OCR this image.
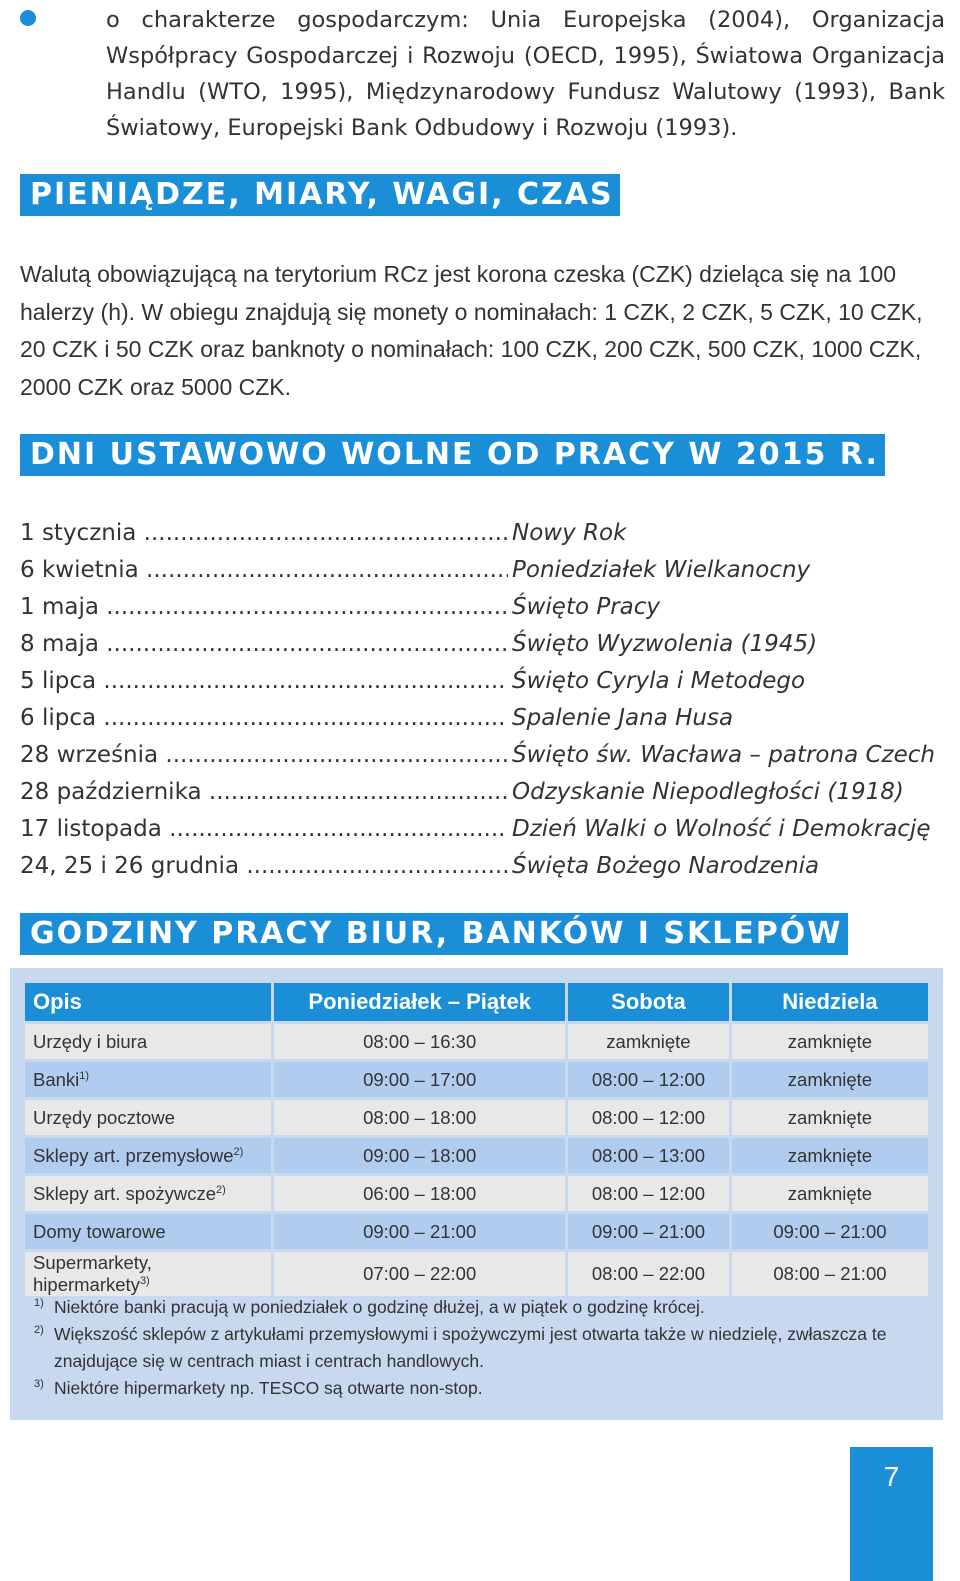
o charakterze gospodarczym: Unia Europejska (2004), Organizacja Współpracy Gospodarczej i Rozwoju (OECD, 1995), Światowa Organizacja Handlu (WTO, 1995), Międzynarodowy Fundusz Walutowy (1993), Bank Światowy, Europejski Bank Odbudowy i Rozwoju (1993).
PIENIĄDZE, MIARY, WAGI, CZAS
Walutą obowiązującą na terytorium RCz jest korona czeska (CZK) dzieląca się na 100 halerzy (h). W obiegu znajdują się monety o nominałach: 1 CZK, 2 CZK, 5 CZK, 10 CZK, 20 CZK i 50 CZK oraz banknoty o nominałach: 100 CZK, 200 CZK, 500 CZK, 1000 CZK, 2000 CZK oraz 5000 CZK.
DNI USTAWOWO WOLNE OD PRACY W 2015 R.
1 stycznia .....	Nowy Rok
6 kwietnia .....	Poniedziałek Wielkanocny
1 maja .....	Święto Pracy
8 maja .....	Święto Wyzwolenia (1945)
5 lipca .....	Święto Cyryla i Metodego
6 lipca .....	Spalenie Jana Husa
28 września .....	Święto św. Wacława – patrona Czech
28 października .....	Odzyskanie Niepodległości (1918)
17 listopada .....	Dzień Walki o Wolność i Demokrację
24, 25 i 26 grudnia .....	Święta Bożego Narodzenia
GODZINY PRACY BIUR, BANKÓW I SKLEPÓW
Opis	Poniedziałek – Piątek	Sobota	Niedziela
Urzędy i biura	08:00 – 16:30	zamknięte	zamknięte
Banki$^{1)}$	09:00 – 17:00	08:00 – 12:00	zamknięte
Urzędy pocztowe	08:00 – 18:00	08:00 – 12:00	zamknięte
Sklepy art. przemysłowe$^{2)}$	09:00 – 18:00	08:00 – 13:00	zamknięte
Sklepy art. spożywcze$^{2)}$	06:00 – 18:00	08:00 – 12:00	zamknięte
Domy towarowe	09:00 – 21:00	09:00 – 21:00	09:00 – 21:00
Supermarkety, hipermarkety$^{3)}$	07:00 – 22:00	08:00 – 22:00	08:00 – 21:00
1) Niektóre banki pracują w poniedziałek o godzinę dłużej, a w piątek o godzinę krócej.
2) Większość sklepów z artykułami przemysłowymi i spożywczymi jest otwarta także w niedzielę, zwłaszcza te znajdujące się w centrach miast i centrach handlowych.
3) Niektóre hipermarkety np. TESCO są otwarte non-stop.
7
